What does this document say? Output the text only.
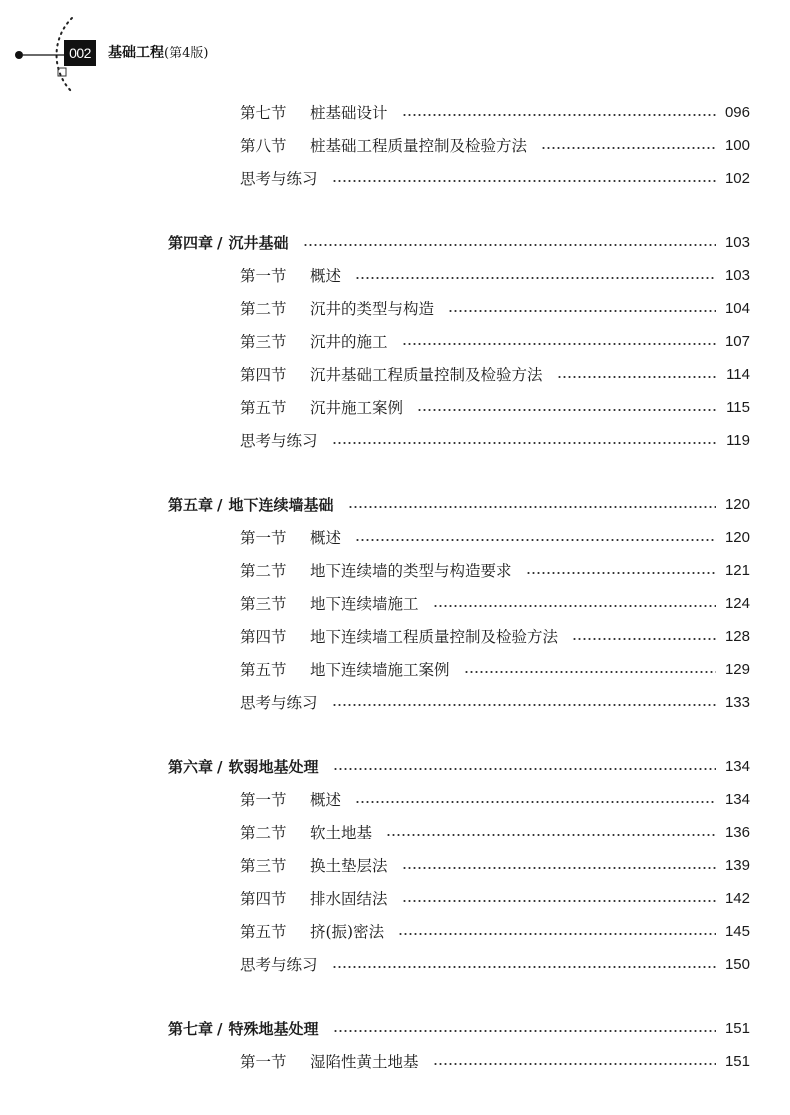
002	基础工程(第4版)
第七节	桩基础设计	096
第八节	桩基础工程质量控制及检验方法	100
思考与练习	102
第四章 / 沉井基础	103
第一节	概述	103
第二节	沉井的类型与构造	104
第三节	沉井的施工	107
第四节	沉井基础工程质量控制及检验方法	114
第五节	沉井施工案例	115
思考与练习	119
第五章 / 地下连续墙基础	120
第一节	概述	120
第二节	地下连续墙的类型与构造要求	121
第三节	地下连续墙施工	124
第四节	地下连续墙工程质量控制及检验方法	128
第五节	地下连续墙施工案例	129
思考与练习	133
第六章 / 软弱地基处理	134
第一节	概述	134
第二节	软土地基	136
第三节	换土垫层法	139
第四节	排水固结法	142
第五节	挤(振)密法	145
思考与练习	150
第七章 / 特殊地基处理	151
第一节	湿陷性黄土地基	151
